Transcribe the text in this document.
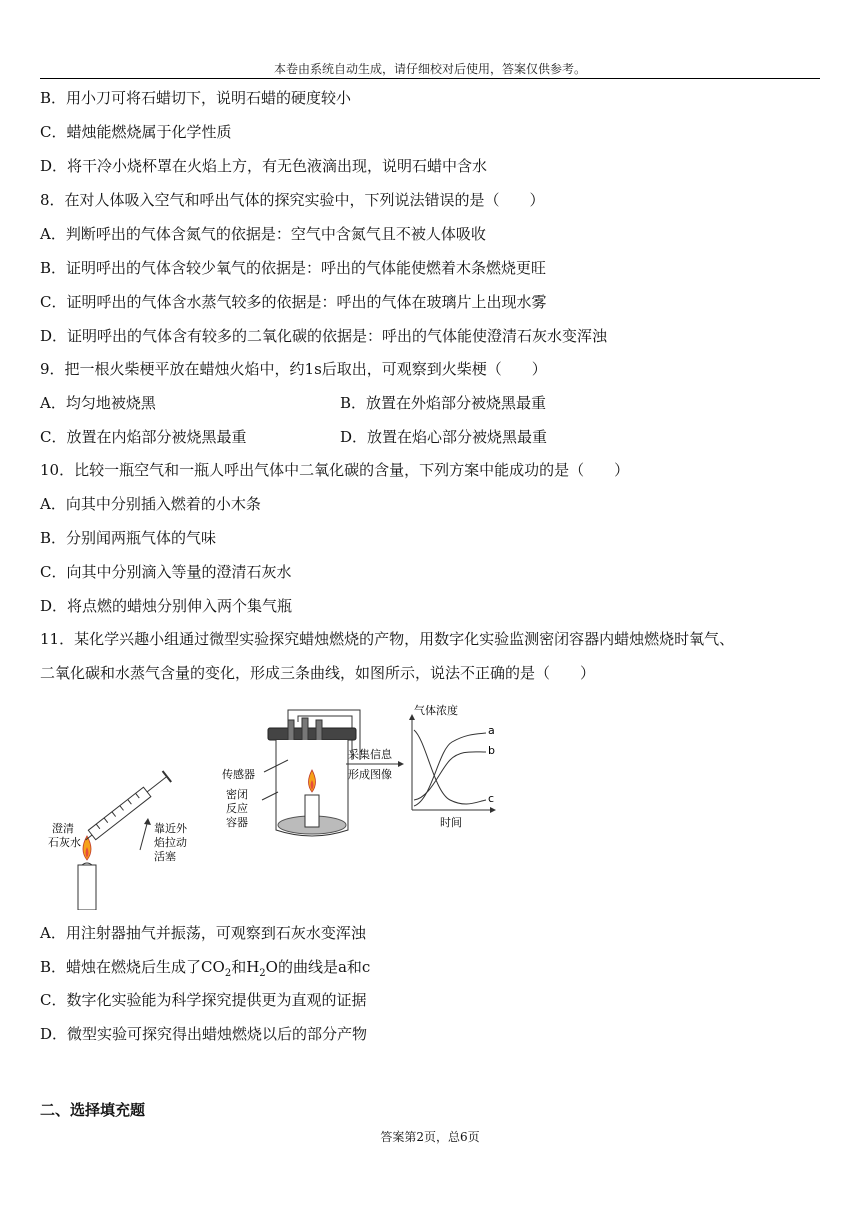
本卷由系统自动生成，请仔细校对后使用，答案仅供参考。
B．用小刀可将石蜡切下，说明石蜡的硬度较小
C．蜡烛能燃烧属于化学性质
D．将干冷小烧杯罩在火焰上方，有无色液滴出现，说明石蜡中含水
8．在对人体吸入空气和呼出气体的探究实验中，下列说法错误的是（　　）
A．判断呼出的气体含氮气的依据是：空气中含氮气且不被人体吸收
B．证明呼出的气体含较少氧气的依据是：呼出的气体能使燃着木条燃烧更旺
C．证明呼出的气体含水蒸气较多的依据是：呼出的气体在玻璃片上出现水雾
D．证明呼出的气体含有较多的二氧化碳的依据是：呼出的气体能使澄清石灰水变浑浊
9．把一根火柴梗平放在蜡烛火焰中，约1s后取出，可观察到火柴梗（　　）
A．均匀地被烧黑	B．放置在外焰部分被烧黑最重
C．放置在内焰部分被烧黑最重	D．放置在焰心部分被烧黑最重
10．比较一瓶空气和一瓶人呼出气体中二氧化碳的含量，下列方案中能成功的是（　　）
A．向其中分别插入燃着的小木条
B．分别闻两瓶气体的气味
C．向其中分别滴入等量的澄清石灰水
D．将点燃的蜡烛分别伸入两个集气瓶
11．某化学兴趣小组通过微型实验探究蜡烛燃烧的产物，用数字化实验监测密闭容器内蜡烛燃烧时氧气、
二氧化碳和水蒸气含量的变化，形成三条曲线，如图所示，说法不正确的是（　　）
澄清
石灰水
靠近外
焰拉动
活塞
传感器
密闭
反应
容器
采集信息
形成图像
气体浓度
a
b
c
时间
A．用注射器抽气并振荡，可观察到石灰水变浑浊
B．蜡烛在燃烧后生成了$CO_2$和$H_2O$的曲线是a和c
C．数字化实验能为科学探究提供更为直观的证据
D．微型实验可探究得出蜡烛燃烧以后的部分产物
二、选择填充题
答案第2页，总6页
